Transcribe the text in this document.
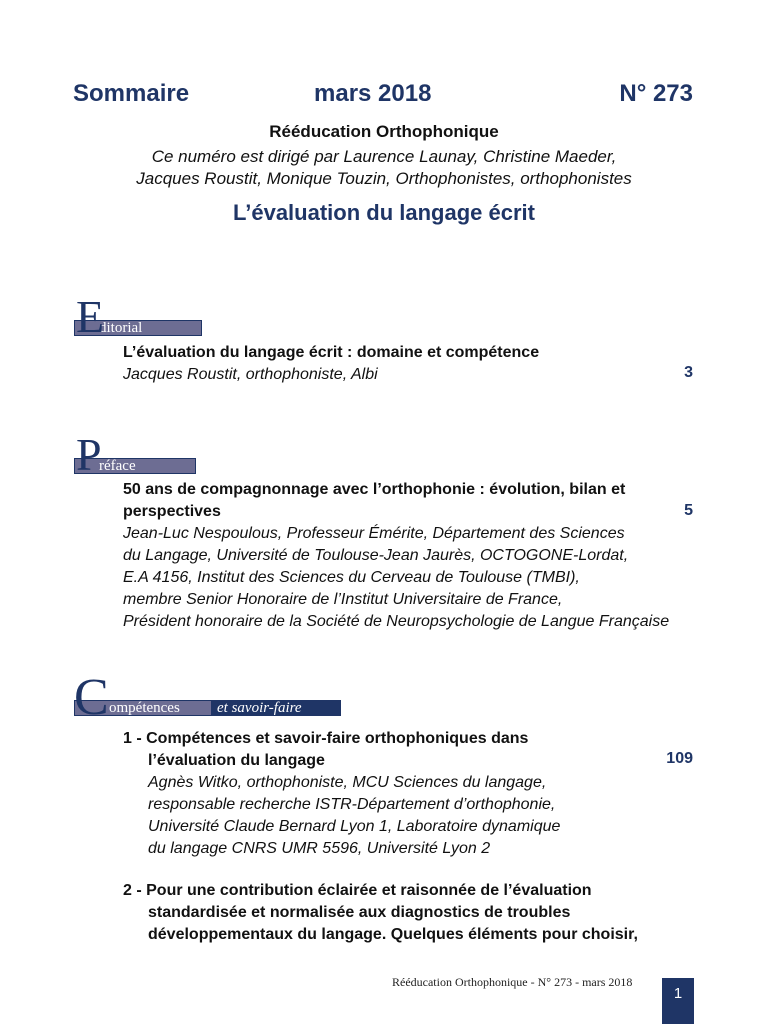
Sommaire	mars 2018	N° 273
Rééducation Orthophonique
Ce numéro est dirigé par Laurence Launay, Christine Maeder,
Jacques Roustit, Monique Touzin, Orthophonistes, orthophonistes
L’évaluation du langage écrit
ditorial
E
L’évaluation du langage écrit : domaine et compétence
Jacques Roustit, orthophoniste, Albi	3
réface
P
50 ans de compagnonnage avec l’orthophonie : évolution, bilan et
perspectives	5
Jean-Luc Nespoulous, Professeur Émérite, Département des Sciences
du Langage, Université de Toulouse-Jean Jaurès, OCTOGONE-Lordat,
E.A 4156, Institut des Sciences du Cerveau de Toulouse (TMBI),
membre Senior Honoraire de l’Institut Universitaire de France,
Président honoraire de la Société de Neuropsychologie de Langue Française
ompétences et savoir-faire
C
1 - Compétences et savoir-faire orthophoniques dans
l’évaluation du langage	109
Agnès Witko, orthophoniste, MCU Sciences du langage,
responsable recherche ISTR-Département d’orthophonie,
Université Claude Bernard Lyon 1, Laboratoire dynamique
du langage CNRS UMR 5596, Université Lyon 2
2 - Pour une contribution éclairée et raisonnée de l’évaluation
standardisée et normalisée aux diagnostics de troubles
développementaux du langage. Quelques éléments pour choisir,
Rééducation Orthophonique - N° 273 - mars 2018
1
